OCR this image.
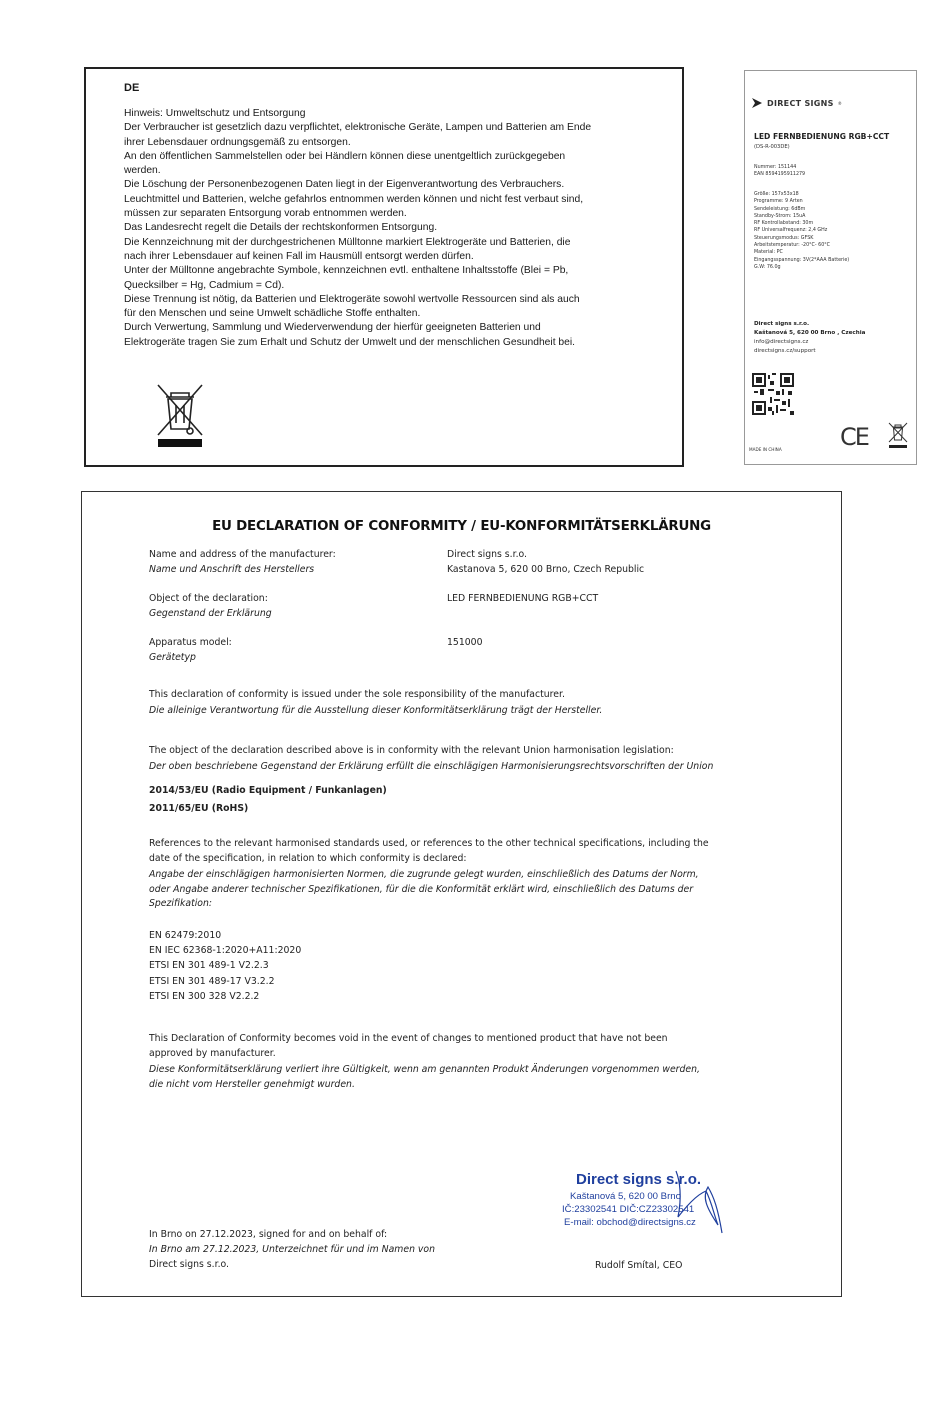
DE
Hinweis: Umweltschutz und Entsorgung
Der Verbraucher ist gesetzlich dazu verpflichtet, elektronische Geräte, Lampen und Batterien am Ende
ihrer Lebensdauer ordnungsgemäß zu entsorgen.
An den öffentlichen Sammelstellen oder bei Händlern können diese unentgeltlich zurückgegeben
werden.
Die Löschung der Personenbezogenen Daten liegt in der Eigenverantwortung des Verbrauchers.
Leuchtmittel und Batterien, welche gefahrlos entnommen werden können und nicht fest verbaut sind,
müssen zur separaten Entsorgung vorab entnommen werden.
Das Landesrecht regelt die Details der rechtskonformen Entsorgung.
Die Kennzeichnung mit der durchgestrichenen Mülltonne markiert Elektrogeräte und Batterien, die
nach ihrer Lebensdauer auf keinen Fall im Hausmüll entsorgt werden dürfen.
Unter der Mülltonne angebrachte Symbole, kennzeichnen evtl. enthaltene Inhaltsstoffe (Blei = Pb,
Quecksilber = Hg, Cadmium = Cd).
Diese Trennung ist nötig, da Batterien und Elektrogeräte sowohl wertvolle Ressourcen sind als auch
für den Menschen und seine Umwelt schädliche Stoffe enthalten.
Durch Verwertung, Sammlung und Wiederverwendung der hierfür geeigneten Batterien und
Elektrogeräte tragen Sie zum Erhalt und Schutz der Umwelt und der menschlichen Gesundheit bei.
DIRECT SIGNS ®
LED FERNBEDIENUNG RGB+CCT
(DS-R-003DE)
Nummer: 151144
EAN 8594195911279
Größe: 157x53x18
Programme: 9 Arten
Sendeleistung: 6dBm
Standby-Strom: 15uA
RF Kontrollabstand: 30m
RF Universalfrequenz: 2,4 GHz
Steuerungsmodus: GFSK
Arbeitstemperatur: -20°C- 60°C
Material: PC
Eingangsspannung: 3V(2*AAA Batterie)
G.W: 76.0g
Direct signs s.r.o.
Kaštanová 5, 620 00 Brno , Czechia
info@directsigns.cz
directsigns.cz/support
MADE IN CHINA CE
EU DECLARATION OF CONFORMITY / EU-KONFORMITÄTSERKLÄRUNG
Name and address of the manufacturer:
Name und Anschrift des Herstellers
Direct signs s.r.o.
Kastanova 5, 620 00 Brno, Czech Republic
Object of the declaration:
Gegenstand der Erklärung
LED FERNBEDIENUNG RGB+CCT
Apparatus model:
Gerätetyp
151000
This declaration of conformity is issued under the sole responsibility of the manufacturer.
Die alleinige Verantwortung für die Ausstellung dieser Konformitätserklärung trägt der Hersteller.
The object of the declaration described above is in conformity with the relevant Union harmonisation legislation:
Der oben beschriebene Gegenstand der Erklärung erfüllt die einschlägigen Harmonisierungsrechtsvorschriften der Union
2014/53/EU (Radio Equipment / Funkanlagen)
2011/65/EU (RoHS)
References to the relevant harmonised standards used, or references to the other technical specifications, including the
date of the specification, in relation to which conformity is declared:
Angabe der einschlägigen harmonisierten Normen, die zugrunde gelegt wurden, einschließlich des Datums der Norm,
oder Angabe anderer technischer Spezifikationen, für die die Konformität erklärt wird, einschließlich des Datums der
Spezifikation:
EN 62479:2010
EN IEC 62368-1:2020+A11:2020
ETSI EN 301 489-1 V2.2.3
ETSI EN 301 489-17 V3.2.2
ETSI EN 300 328 V2.2.2
This Declaration of Conformity becomes void in the event of changes to mentioned product that have not been
approved by manufacturer.
Diese Konformitätserklärung verliert ihre Gültigkeit, wenn am genannten Produkt Änderungen vorgenommen werden,
die nicht vom Hersteller genehmigt wurden.
Direct signs s.r.o.
Kaštanová 5, 620 00 Brno
IČ:23302541 DIČ:CZ23302541
E-mail: obchod@directsigns.cz
In Brno on 27.12.2023, signed for and on behalf of:
In Brno am 27.12.2023, Unterzeichnet für und im Namen von
Direct signs s.r.o.	Rudolf Smítal, CEO
